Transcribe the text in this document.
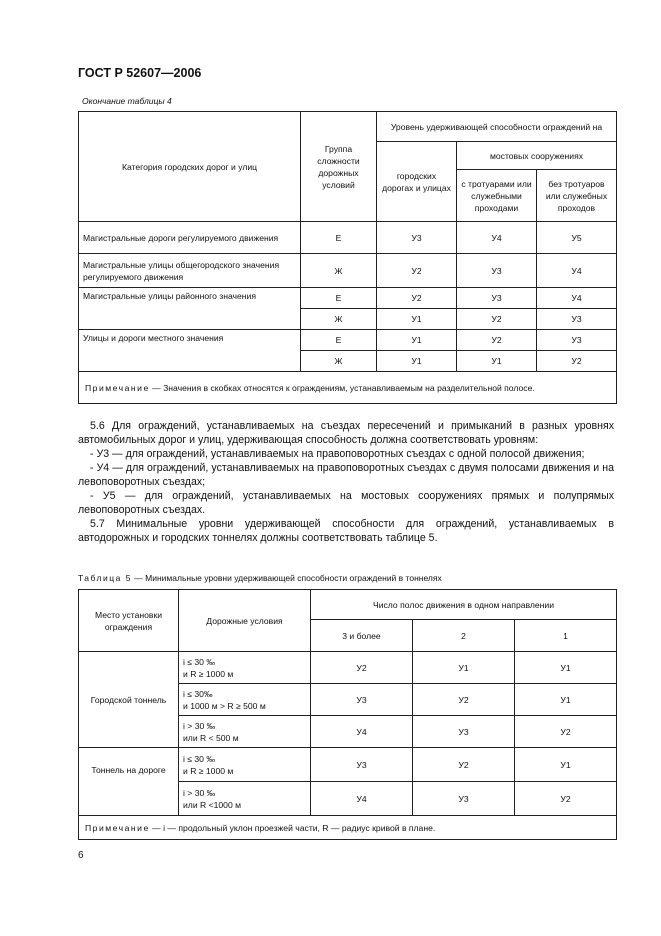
ГОСТ Р 52607—2006
Окончание таблицы 4
Категория городских дорог и улиц	Группа сложности дорожных условий	Уровень удерживающей способности ограждений на		
		городских дорогах и улицах	мостовых сооружениях	
			с тротуарами или служебными проходами	без тротуаров или служебных проходов
Магистральные дороги регулируемого движения	Е	У3	У4	У5
Магистральные улицы общегородского значения регулируемого движения	Ж	У2	У3	У4
Магистральные улицы районного значения	Е	У2	У3	У4
	Ж	У1	У2	У3
Улицы и дороги местного значения	Е	У1	У2	У3
	Ж	У1	У1	У2
Примечание — Значения в скобках относятся к ограждениям, устанавливаемым на разделительной полосе.				

5.6 Для ограждений, устанавливаемых на съездах пересечений и примыканий в разных уровнях автомобильных дорог и улиц, удерживающая способность должна соответствовать уровням:

- У3 — для ограждений, устанавливаемых на правоповоротных съездах с одной полосой движения;

- У4 — для ограждений, устанавливаемых на правоповоротных съездах с двумя полосами движения и на левоповоротных съездах;

- У5 — для ограждений, устанавливаемых на мостовых сооружениях прямых и полупрямых левоповоротных съездах.

5.7 Минимальные уровни удерживающей способности для ограждений, устанавливаемых в автодорожных и городских тоннелях должны соответствовать таблице 5.

Таблица 5 — Минимальные уровни удерживающей способности ограждений в тоннелях
Место установки ограждения	Дорожные условия	Число полос движения в одном направлении		
		3 и более	2	1
Городской тоннель	i ≤ 30 ‰
и R ≥ 1000 м	У2	У1	У1

	i ≤ 30‰
и 1000 м > R ≥ 500 м	У3	У2	У1

	i > 30 ‰
или R < 500 м	У4	У3	У2
Тоннель на дороге	i ≤ 30 ‰
и R ≥ 1000 м	У3	У2	У1

	i > 30 ‰
или R <1000 м	У4	У3	У2
Примечание — i — продольный уклон проезжей части, R — радиус кривой в плане.				
6
